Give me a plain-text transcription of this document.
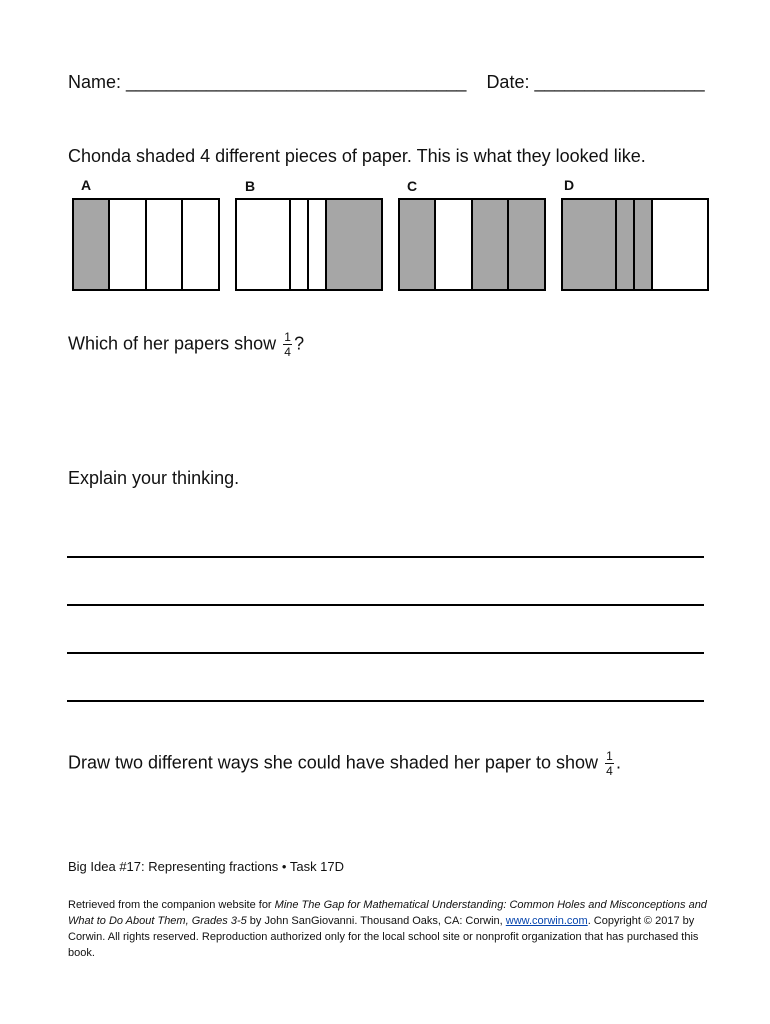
Name: __________________________________ Date: _________________
Chonda shaded 4 different pieces of paper. This is what they looked like.
A	B	C	D
Which of her papers show $\frac{1}{4}$ ?
Explain your thinking.
Draw two different ways she could have shaded her paper to show $\frac{1}{4}$ .
Big Idea #17: Representing fractions • Task 17D
Retrieved from the companion website for Mine The Gap for Mathematical Understanding: Common Holes and Misconceptions and What to Do About Them, Grades 3-5 by John SanGiovanni. Thousand Oaks, CA: Corwin, www.corwin.com. Copyright © 2017 by Corwin. All rights reserved. Reproduction authorized only for the local school site or nonprofit organization that has purchased this book.
